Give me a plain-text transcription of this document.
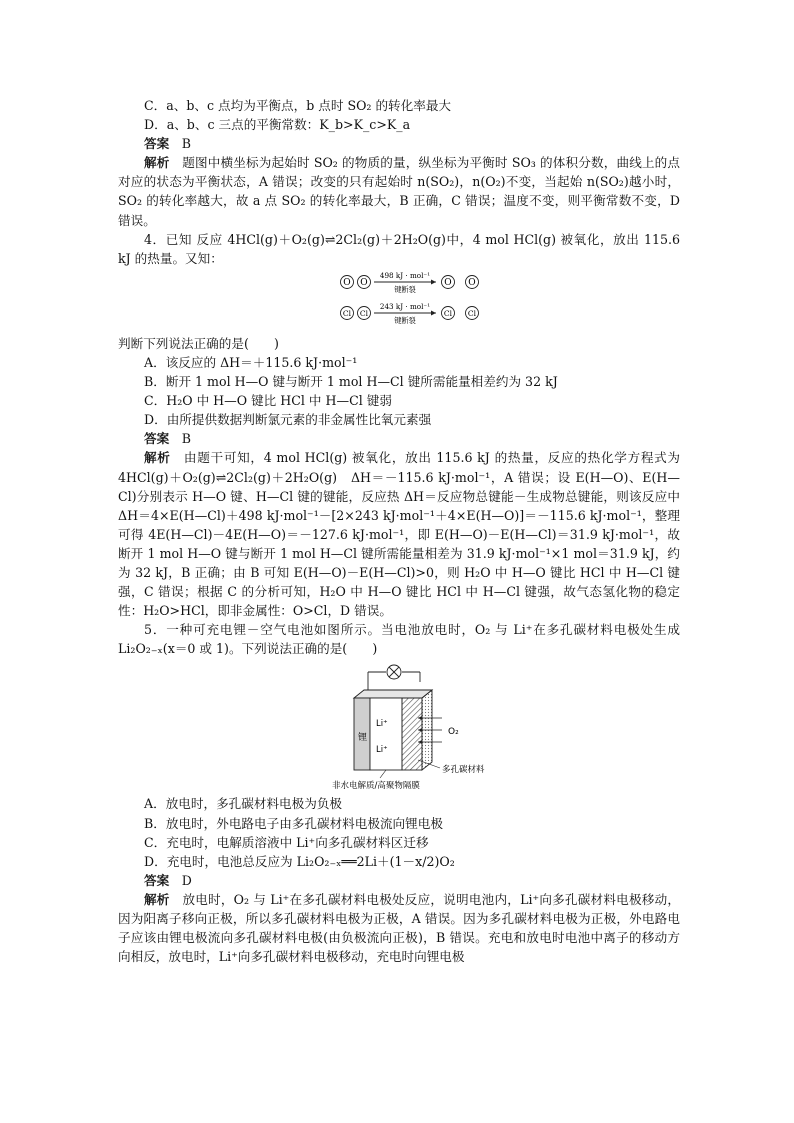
C．a、b、c 点均为平衡点，b 点时 SO₂ 的转化率最大

D．a、b、c 三点的平衡常数：K_b>K_c>K_a

答案　 B

解析　 题图中横坐标为起始时 SO₂ 的物质的量，纵坐标为平衡时 SO₃ 的体积分数，曲线上的点对应的状态为平衡状态，A 错误；改变的只有起始时 n(SO₂)，n(O₂)不变，当起始 n(SO₂)越小时，SO₂ 的转化率越大，故 a 点 SO₂ 的转化率最大，B 正确，C 错误；温度不变，则平衡常数不变，D 错误。

4．已知 反应 4HCl(g)＋O₂(g)⇌2Cl₂(g)＋2H₂O(g)中，4 mol HCl(g) 被氧化，放出 115.6 kJ 的热量。又知：

O O
498 kJ · mol⁻¹
键断裂
O O
Cl Cl
243 kJ · mol⁻¹
键断裂
Cl Cl

判断下列说法正确的是(　　)

A．该反应的 ΔH＝＋115.6 kJ·mol⁻¹

B．断开 1 mol H—O 键与断开 1 mol H—Cl 键所需能量相差约为 32 kJ

C．H₂O 中 H—O 键比 HCl 中 H—Cl 键弱

D．由所提供数据判断氯元素的非金属性比氧元素强

答案　 B

解析　 由题干可知，4 mol HCl(g) 被氧化，放出 115.6 kJ 的热量，反应的热化学方程式为 4HCl(g)＋O₂(g)⇌2Cl₂(g)＋2H₂O(g)　ΔH＝－115.6 kJ·mol⁻¹，A 错误；设 E(H—O)、E(H—Cl)分别表示 H—O 键、H—Cl 键的键能，反应热 ΔH＝反应物总键能－生成物总键能，则该反应中 ΔH＝4×E(H—Cl)＋498 kJ·mol⁻¹－[2×243 kJ·mol⁻¹＋4×E(H—O)]＝－115.6 kJ·mol⁻¹，整理可得 4E(H—Cl)－4E(H—O)＝－127.6 kJ·mol⁻¹，即 E(H—O)－E(H—Cl)＝31.9 kJ·mol⁻¹，故断开 1 mol H—O 键与断开 1 mol H—Cl 键所需能量相差为 31.9 kJ·mol⁻¹×1 mol＝31.9 kJ，约为 32 kJ，B 正确；由 B 可知 E(H—O)－E(H—Cl)>0，则 H₂O 中 H—O 键比 HCl 中 H—Cl 键强，C 错误；根据 C 的分析可知，H₂O 中 H—O 键比 HCl 中 H—Cl 键强，故气态氢化物的稳定性：H₂O>HCl，即非金属性：O>Cl，D 错误。

5．一种可充电锂－空气电池如图所示。当电池放电时，O₂ 与 Li⁺在多孔碳材料电极处生成 Li₂O₂₋ₓ(x＝0 或 1)。下列说法正确的是(　　)

锂
Li⁺
Li⁺
O₂
多孔碳材料
非水电解质/高聚物隔膜

A．放电时，多孔碳材料电极为负极

B．放电时，外电路电子由多孔碳材料电极流向锂电极

C．充电时，电解质溶液中 Li⁺向多孔碳材料区迁移

D．充电时，电池总反应为 Li₂O₂₋ₓ══2Li＋(1－x/2)O₂

答案　 D

解析　 放电时，O₂ 与 Li⁺在多孔碳材料电极处反应，说明电池内，Li⁺向多孔碳材料电极移动，因为阳离子移向正极，所以多孔碳材料电极为正极，A 错误。因为多孔碳材料电极为正极，外电路电子应该由锂电极流向多孔碳材料电极(由负极流向正极)，B 错误。充电和放电时电池中离子的移动方向相反，放电时，Li⁺向多孔碳材料电极移动，充电时向锂电极
